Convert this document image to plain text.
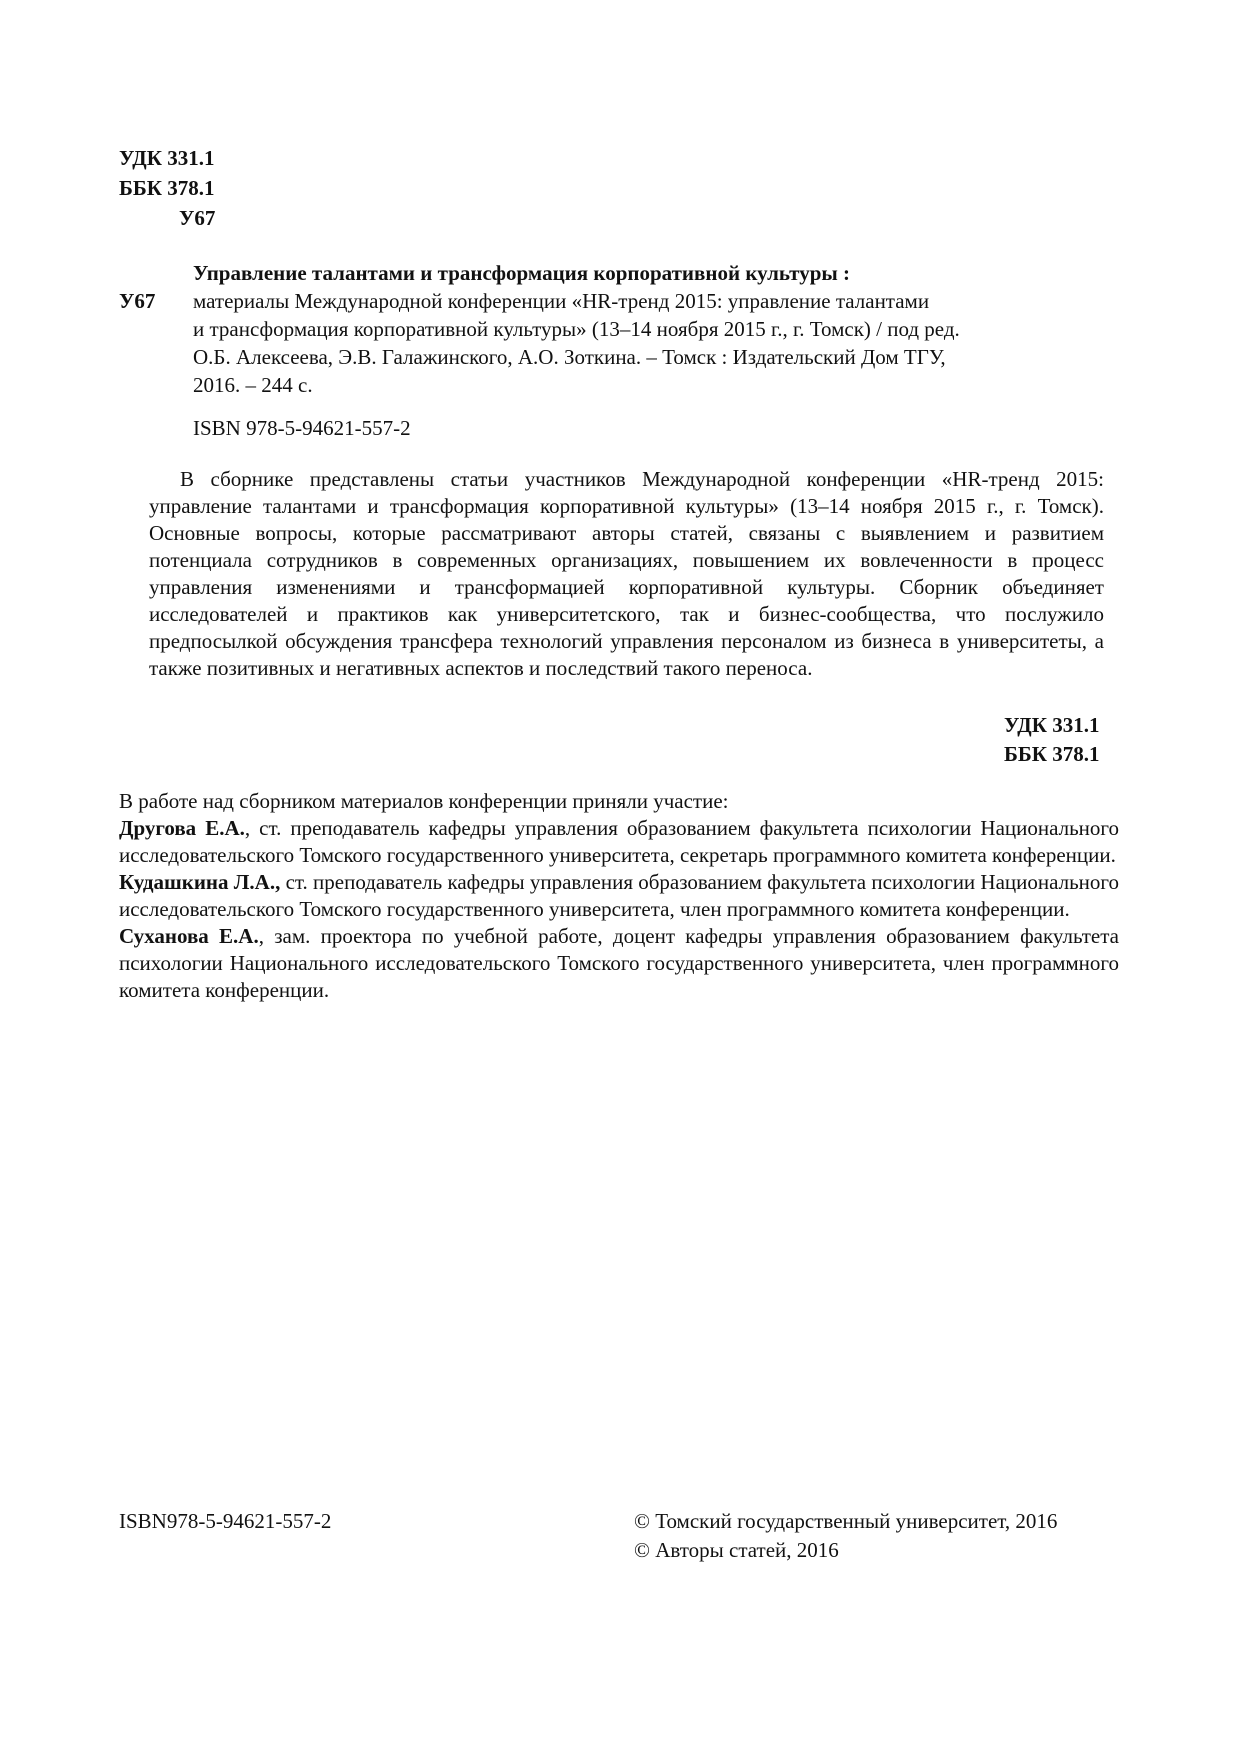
УДК 331.1
ББК 378.1
У67
У67
Управление талантами и трансформация корпоративной культуры :
материалы Международной конференции «HR-тренд 2015: управление талантами
и трансформация корпоративной культуры» (13–14 ноября 2015 г., г. Томск) / под ред.
О.Б. Алексеева, Э.В. Галажинского, А.О. Зоткина. – Томск : Издательский Дом ТГУ,
2016. – 244 с.
ISBN 978-5-94621-557-2
В сборнике представлены статьи участников Международной конференции «HR-тренд 2015: управление талантами и трансформация корпоративной культуры» (13–14 ноября 2015 г., г. Томск). Основные вопросы, которые рассматривают авторы статей, связаны с выявлением и развитием потенциала сотрудников в современных организациях, повышением их вовлеченности в процесс управления изменениями и трансформацией корпоративной культуры. Сборник объединяет исследователей и практиков как университетского, так и бизнес-сообщества, что послужило предпосылкой обсуждения трансфера технологий управления персоналом из бизнеса в университеты, а также позитивных и негативных аспектов и последствий такого переноса.
УДК 331.1
ББК 378.1

В работе над сборником материалов конференции приняли участие:

Другова Е.А., ст. преподаватель кафедры управления образованием факультета психологии Национального исследовательского Томского государственного университета, секретарь программного комитета конференции.

Кудашкина Л.А., ст. преподаватель кафедры управления образованием факультета психологии Национального исследовательского Томского государственного университета, член программного комитета конференции.

Суханова Е.А., зам. проектора по учебной работе, доцент кафедры управления образованием факультета психологии Национального исследовательского Томского государственного университета, член программного комитета конференции.

ISBN978-5-94621-557-2	© Томский государственный университет, 2016
© Авторы статей, 2016
